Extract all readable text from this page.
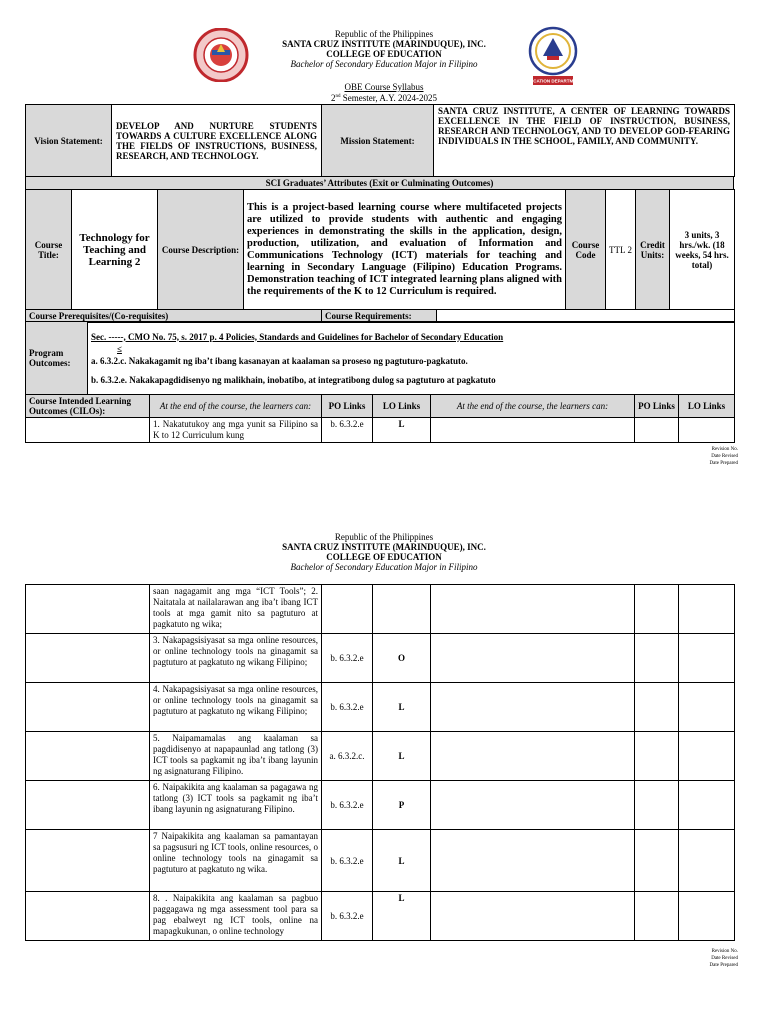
EDUCATION DEPARTMENT
Republic of the Philippines
SANTA CRUZ INSTITUTE (MARINDUQUE), INC.
COLLEGE OF EDUCATION
Bachelor of Secondary Education Major in Filipino
OBE Course Syllabus
2nd Semester, A.Y. 2024-2025
Vision Statement:	DEVELOP AND NURTURE STUDENTS TOWARDS A CULTURE EXCELLENCE ALONG THE FIELDS OF INSTRUCTIONS, BUSINESS, RESEARCH, AND TECHNOLOGY.	Mission Statement:	SANTA CRUZ INSTITUTE, A CENTER OF LEARNING TOWARDS EXCELLENCE IN THE FIELD OF INSTRUCTION, BUSINESS, RESEARCH AND TECHNOLOGY, AND TO DEVELOP GOD-FEARING INDIVIDUALS IN THE SCHOOL, FAMILY, AND COMMUNITY.
SCI Graduates’ Attributes (Exit or Culminating Outcomes)
Course Title:	Technology for Teaching and Learning 2	Course Description:	This is a project-based learning course where multifaceted projects are utilized to provide students with authentic and engaging experiences in demonstrating the skills in the application, design, production, utilization, and evaluation of Information and Communications Technology (ICT) materials for teaching and learning in Secondary Language (Filipino) Education Programs. Demonstration teaching of ICT integrated learning plans aligned with the requirements of the K to 12 Curriculum is required.	Course Code	TTL 2	Credit Units:	3 units, 3 hrs./wk. (18 weeks, 54 hrs. total)
Course Prerequisites/(Co-requisites)	Course Requirements:	
Program Outcomes:	
Sec. -----, CMO No. 75, s. 2017 p. 4 Policies, Standards and Guidelines for Bachelor of Secondary Education
≤
a. 6.3.2.c. Nakakagamit ng iba’t ibang kasanayan at kaalaman sa proseso ng pagtuturo-pagkatuto.
b. 6.3.2.e. Nakakapagdidisenyo ng malikhain, inobatibo, at integratibong dulog sa pagtuturo at pagkatuto
Course Intended Learning Outcomes (CILOs):	At the end of the course, the learners can:	PO Links	LO Links	At the end of the course, the learners can:	PO Links	LO Links
	1. Nakatutukoy ang mga yunit sa Filipino sa K to 12 Curriculum kung	b. 6.3.2.e	L			
Revision No.
Date Revised
Date Prepared
Republic of the Philippines
SANTA CRUZ INSTITUTE (MARINDUQUE), INC.
COLLEGE OF EDUCATION
Bachelor of Secondary Education Major in Filipino
	saan nagagamit ang mga “ICT Tools”; 2. Naitatala at nailalarawan ang iba’t ibang ICT tools at mga gamit nito sa pagtuturo at pagkatuto ng wika;					
	3. Nakapagsisiyasat sa mga online resources, or online technology tools na ginagamit sa pagtuturo at pagkatuto ng wikang Filipino;	b. 6.3.2.e	O			
	4. Nakapagsisiyasat sa mga online resources, or online technology tools na ginagamit sa pagtuturo at pagkatuto ng wikang Filipino;	b. 6.3.2.e	L			
	5. Naipamamalas ang kaalaman sa pagdidisenyo at napapaunlad ang tatlong (3) ICT tools sa pagkamit ng iba’t ibang layunin ng asignaturang Filipino.	a. 6.3.2.c.	L			
	6. Naipakikita ang kaalaman sa pagagawa ng tatlong (3) ICT tools sa pagkamit ng iba’t ibang layunin ng asignaturang Filipino.	b. 6.3.2.e	P			
	7 Naipakikita ang kaalaman sa pamantayan sa pagsusuri ng ICT tools, online resources, o online technology tools na ginagamit sa pagtuturo at pagkatuto ng wika.	b. 6.3.2.e	L			
	8. . Naipakikita ang kaalaman sa pagbuo paggagawa ng mga assessment tool para sa pag ebalweyt ng ICT tools, online na mapagkukunan, o online technology	b. 6.3.2.e	L			
Revision No.
Date Revised
Date Prepared
